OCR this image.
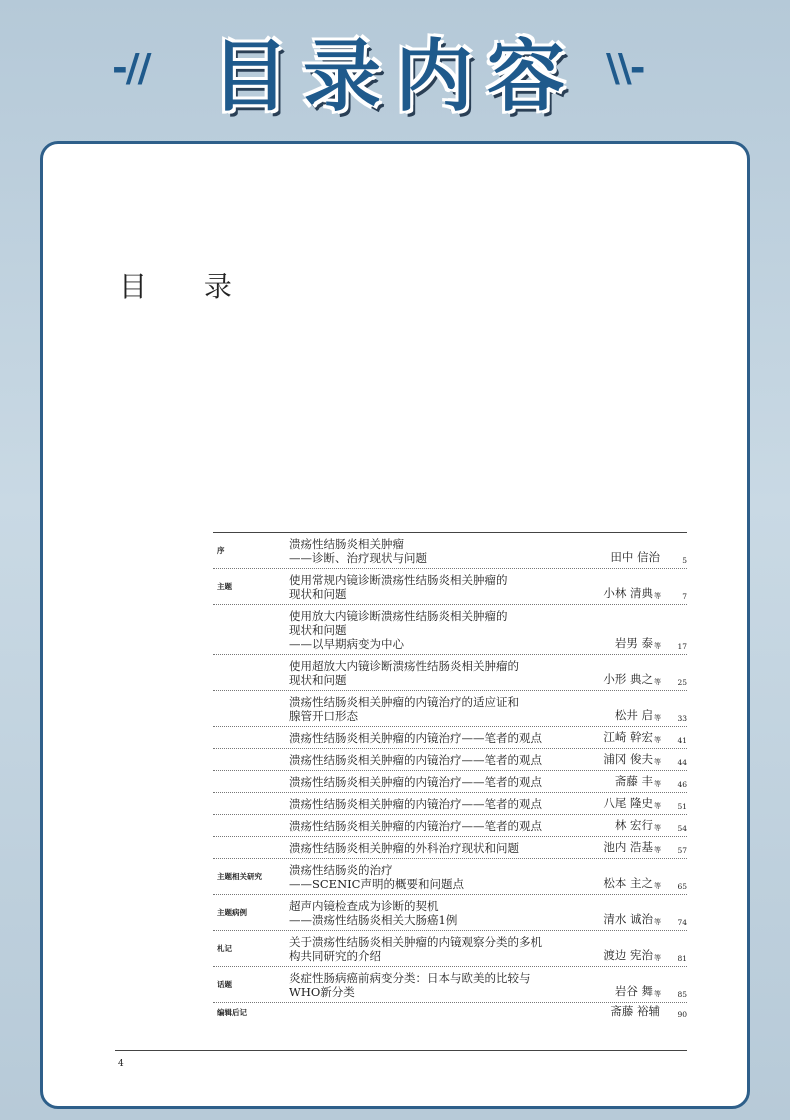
-// 目录内容 \\-
目 录
序	溃疡性结肠炎相关肿瘤
——诊断、治疗现状与问题	田中 信治	5
主题	使用常规内镜诊断溃疡性结肠炎相关肿瘤的
现状和问题	小林 清典 等	7
使用放大内镜诊断溃疡性结肠炎相关肿瘤的
现状和问题
——以早期病变为中心	岩男 泰 等	17
使用超放大内镜诊断溃疡性结肠炎相关肿瘤的
现状和问题	小形 典之 等	25
溃疡性结肠炎相关肿瘤的内镜治疗的适应证和
腺管开口形态	松井 启 等	33
溃疡性结肠炎相关肿瘤的内镜治疗——笔者的观点	江崎 幹宏 等	41
溃疡性结肠炎相关肿瘤的内镜治疗——笔者的观点	浦冈 俊夫 等	44
溃疡性结肠炎相关肿瘤的内镜治疗——笔者的观点	斋藤 丰 等	46
溃疡性结肠炎相关肿瘤的内镜治疗——笔者的观点	八尾 隆史 等	51
溃疡性结肠炎相关肿瘤的内镜治疗——笔者的观点	林 宏行 等	54
溃疡性结肠炎相关肿瘤的外科治疗现状和问题	池内 浩基 等	57
主题相关研究	溃疡性结肠炎的治疗
——SCENIC声明的概要和问题点	松本 主之 等	65
主题病例	超声内镜检查成为诊断的契机
——溃疡性结肠炎相关大肠癌1例	清水 诚治 等	74
札记	关于溃疡性结肠炎相关肿瘤的内镜观察分类的多机
构共同研究的介绍	渡边 宪治 等	81
话题	炎症性肠病癌前病变分类：日本与欧美的比较与
WHO新分类	岩谷 舞 等	85
编辑后记	斋藤 裕辅	90
4
